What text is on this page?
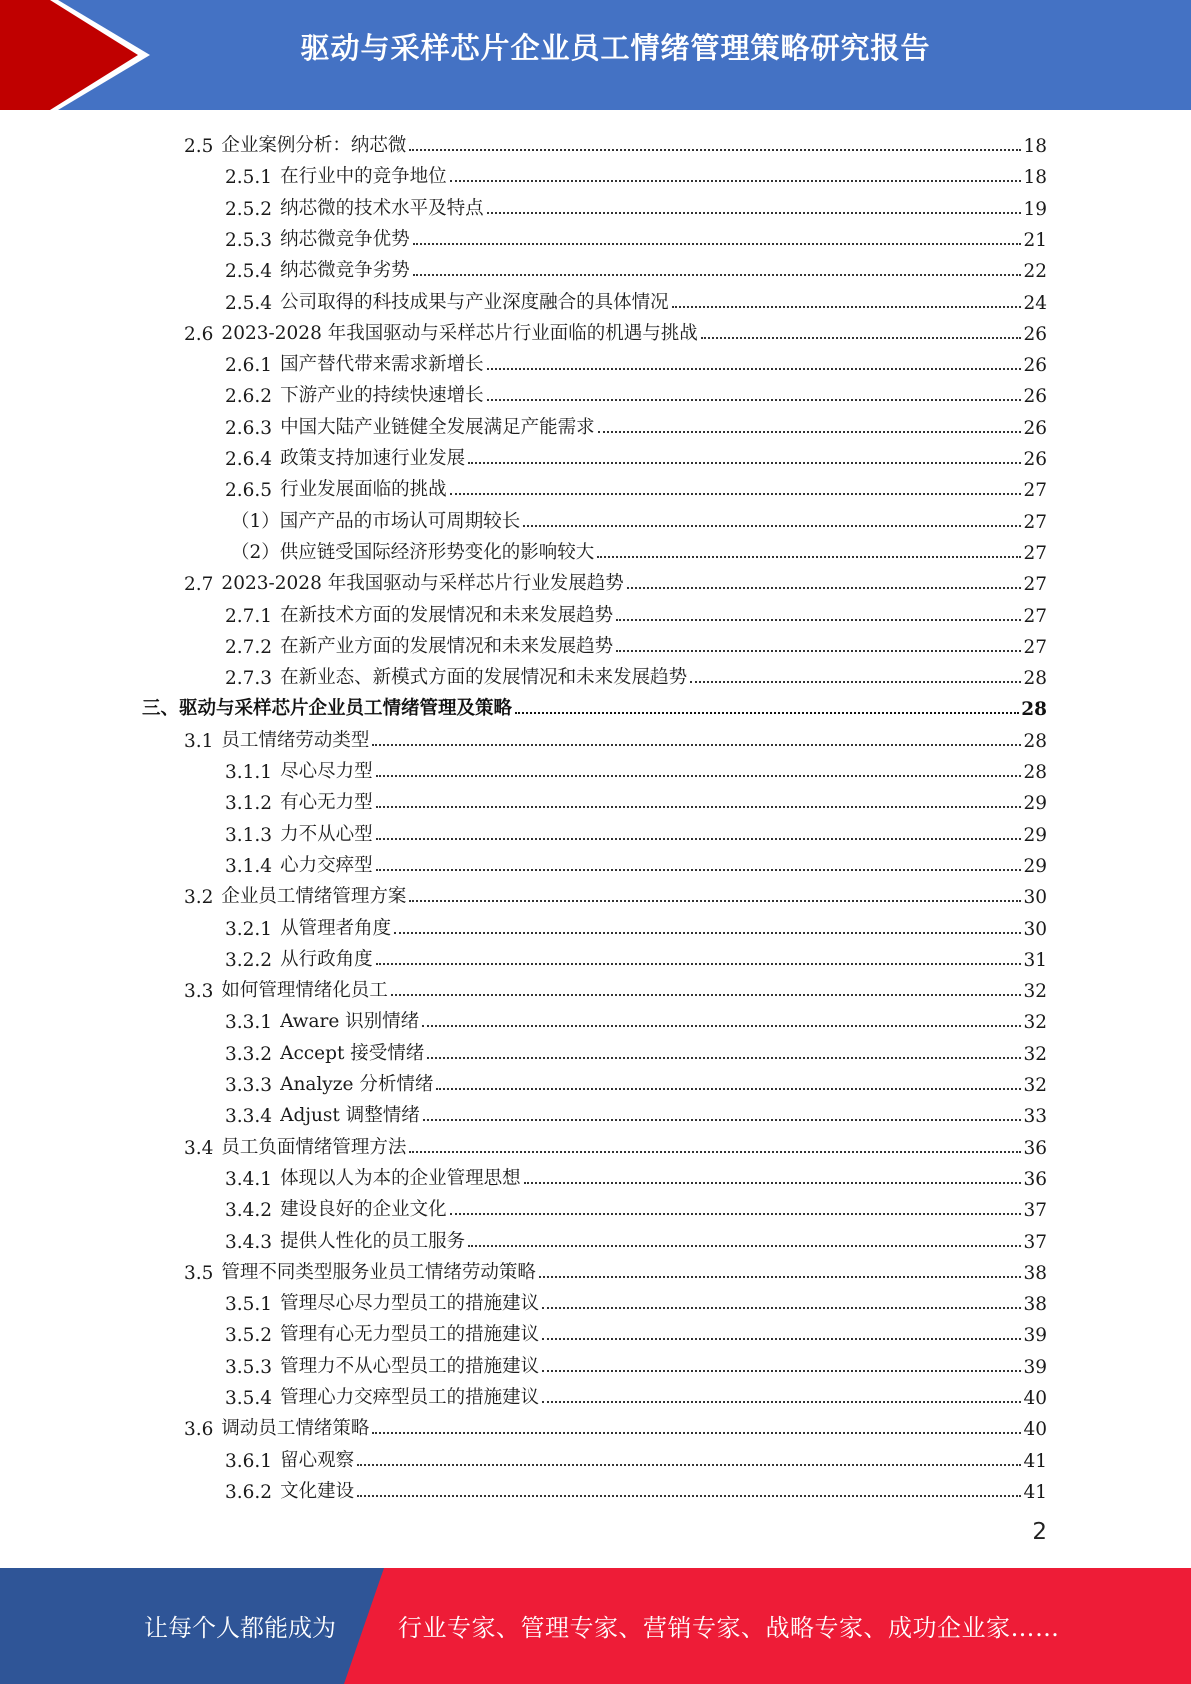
驱动与采样芯片企业员工情绪管理策略研究报告
2.5 企业案例分析：纳芯微	18
2.5.1 在行业中的竞争地位	18
2.5.2 纳芯微的技术水平及特点	19
2.5.3 纳芯微竞争优势	21
2.5.4 纳芯微竞争劣势	22
2.5.4 公司取得的科技成果与产业深度融合的具体情况	24
2.6 2023-2028 年我国驱动与采样芯片行业面临的机遇与挑战	26
2.6.1 国产替代带来需求新增长	26
2.6.2 下游产业的持续快速增长	26
2.6.3 中国大陆产业链健全发展满足产能需求	26
2.6.4 政策支持加速行业发展	26
2.6.5 行业发展面临的挑战	27
（1） 国产产品的市场认可周期较长	27
（2） 供应链受国际经济形势变化的影响较大	27
2.7 2023-2028 年我国驱动与采样芯片行业发展趋势	27
2.7.1 在新技术方面的发展情况和未来发展趋势	27
2.7.2 在新产业方面的发展情况和未来发展趋势	27
2.7.3 在新业态、新模式方面的发展情况和未来发展趋势	28
三、 驱动与采样芯片企业员工情绪管理及策略	28
3.1 员工情绪劳动类型	28
3.1.1 尽心尽力型	28
3.1.2 有心无力型	29
3.1.3 力不从心型	29
3.1.4 心力交瘁型	29
3.2 企业员工情绪管理方案	30
3.2.1 从管理者角度	30
3.2.2 从行政角度	31
3.3 如何管理情绪化员工	32
3.3.1 Aware 识别情绪	32
3.3.2 Accept 接受情绪	32
3.3.3 Analyze 分析情绪	32
3.3.4 Adjust 调整情绪	33
3.4 员工负面情绪管理方法	36
3.4.1 体现以人为本的企业管理思想	36
3.4.2 建设良好的企业文化	37
3.4.3 提供人性化的员工服务	37
3.5 管理不同类型服务业员工情绪劳动策略	38
3.5.1 管理尽心尽力型员工的措施建议	38
3.5.2 管理有心无力型员工的措施建议	39
3.5.3 管理力不从心型员工的措施建议	39
3.5.4 管理心力交瘁型员工的措施建议	40
3.6 调动员工情绪策略	40
3.6.1 留心观察	41
3.6.2 文化建设	41
2
让每个人都能成为	行业专家、管理专家、营销专家、战略专家、成功企业家……
